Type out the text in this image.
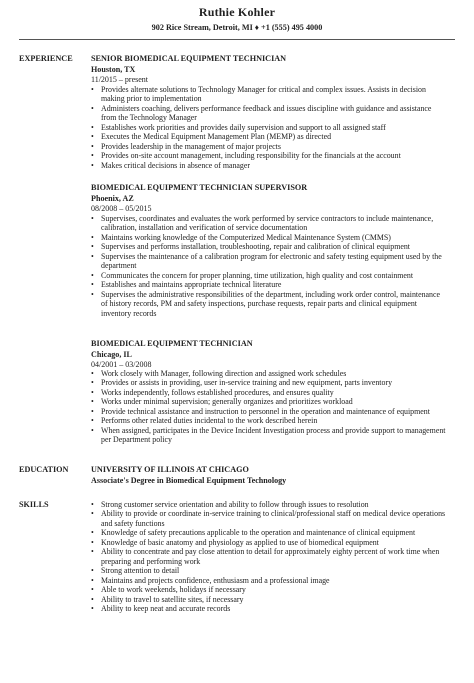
Ruthie Kohler
902 Rice Stream, Detroit, MI ♦ +1 (555) 495 4000
EXPERIENCE SENIOR BIOMEDICAL EQUIPMENT TECHNICIAN
Houston, TX
11/2015 – present
• Provides alternate solutions to Technology Manager for critical and complex issues. Assists in decision making prior to implementation
• Administers coaching, delivers performance feedback and issues discipline with guidance and assistance from the Technology Manager
• Establishes work priorities and provides daily supervision and support to all assigned staff
• Executes the Medical Equipment Management Plan (MEMP) as directed
• Provides leadership in the management of major projects
• Provides on-site account management, including responsibility for the financials at the account
• Makes critical decisions in absence of manager
BIOMEDICAL EQUIPMENT TECHNICIAN SUPERVISOR
Phoenix, AZ
08/2008 – 05/2015
• Supervises, coordinates and evaluates the work performed by service contractors to include maintenance, calibration, installation and verification of service documentation
• Maintains working knowledge of the Computerized Medical Maintenance System (CMMS)
• Supervises and performs installation, troubleshooting, repair and calibration of clinical equipment
• Supervises the maintenance of a calibration program for electronic and safety testing equipment used by the department
• Communicates the concern for proper planning, time utilization, high quality and cost containment
• Establishes and maintains appropriate technical literature
• Supervises the administrative responsibilities of the department, including work order control, maintenance of history records, PM and safety inspections, purchase requests, repair parts and clinical equipment inventory records
BIOMEDICAL EQUIPMENT TECHNICIAN
Chicago, IL
04/2001 – 03/2008
• Work closely with Manager, following direction and assigned work schedules
• Provides or assists in providing, user in-service training and new equipment, parts inventory
• Works independently, follows established procedures, and ensures quality
• Works under minimal supervision; generally organizes and prioritizes workload
• Provide technical assistance and instruction to personnel in the operation and maintenance of equipment
• Performs other related duties incidental to the work described herein
• When assigned, participates in the Device Incident Investigation process and provide support to management per Department policy
EDUCATION	UNIVERSITY OF ILLINOIS AT CHICAGO
Associate's Degree in Biomedical Equipment Technology
SKILLS
•	Strong customer service orientation and ability to follow through issues to resolution
• Ability to provide or coordinate in-service training to clinical/professional staff on medical device operations and safety functions
• Knowledge of safety precautions applicable to the operation and maintenance of clinical equipment
• Knowledge of basic anatomy and physiology as applied to use of biomedical equipment
• Ability to concentrate and pay close attention to detail for approximately eighty percent of work time when preparing and performing work
• Strong attention to detail
• Maintains and projects confidence, enthusiasm and a professional image
• Able to work weekends, holidays if necessary
• Ability to travel to satellite sites, if necessary
• Ability to keep neat and accurate records
